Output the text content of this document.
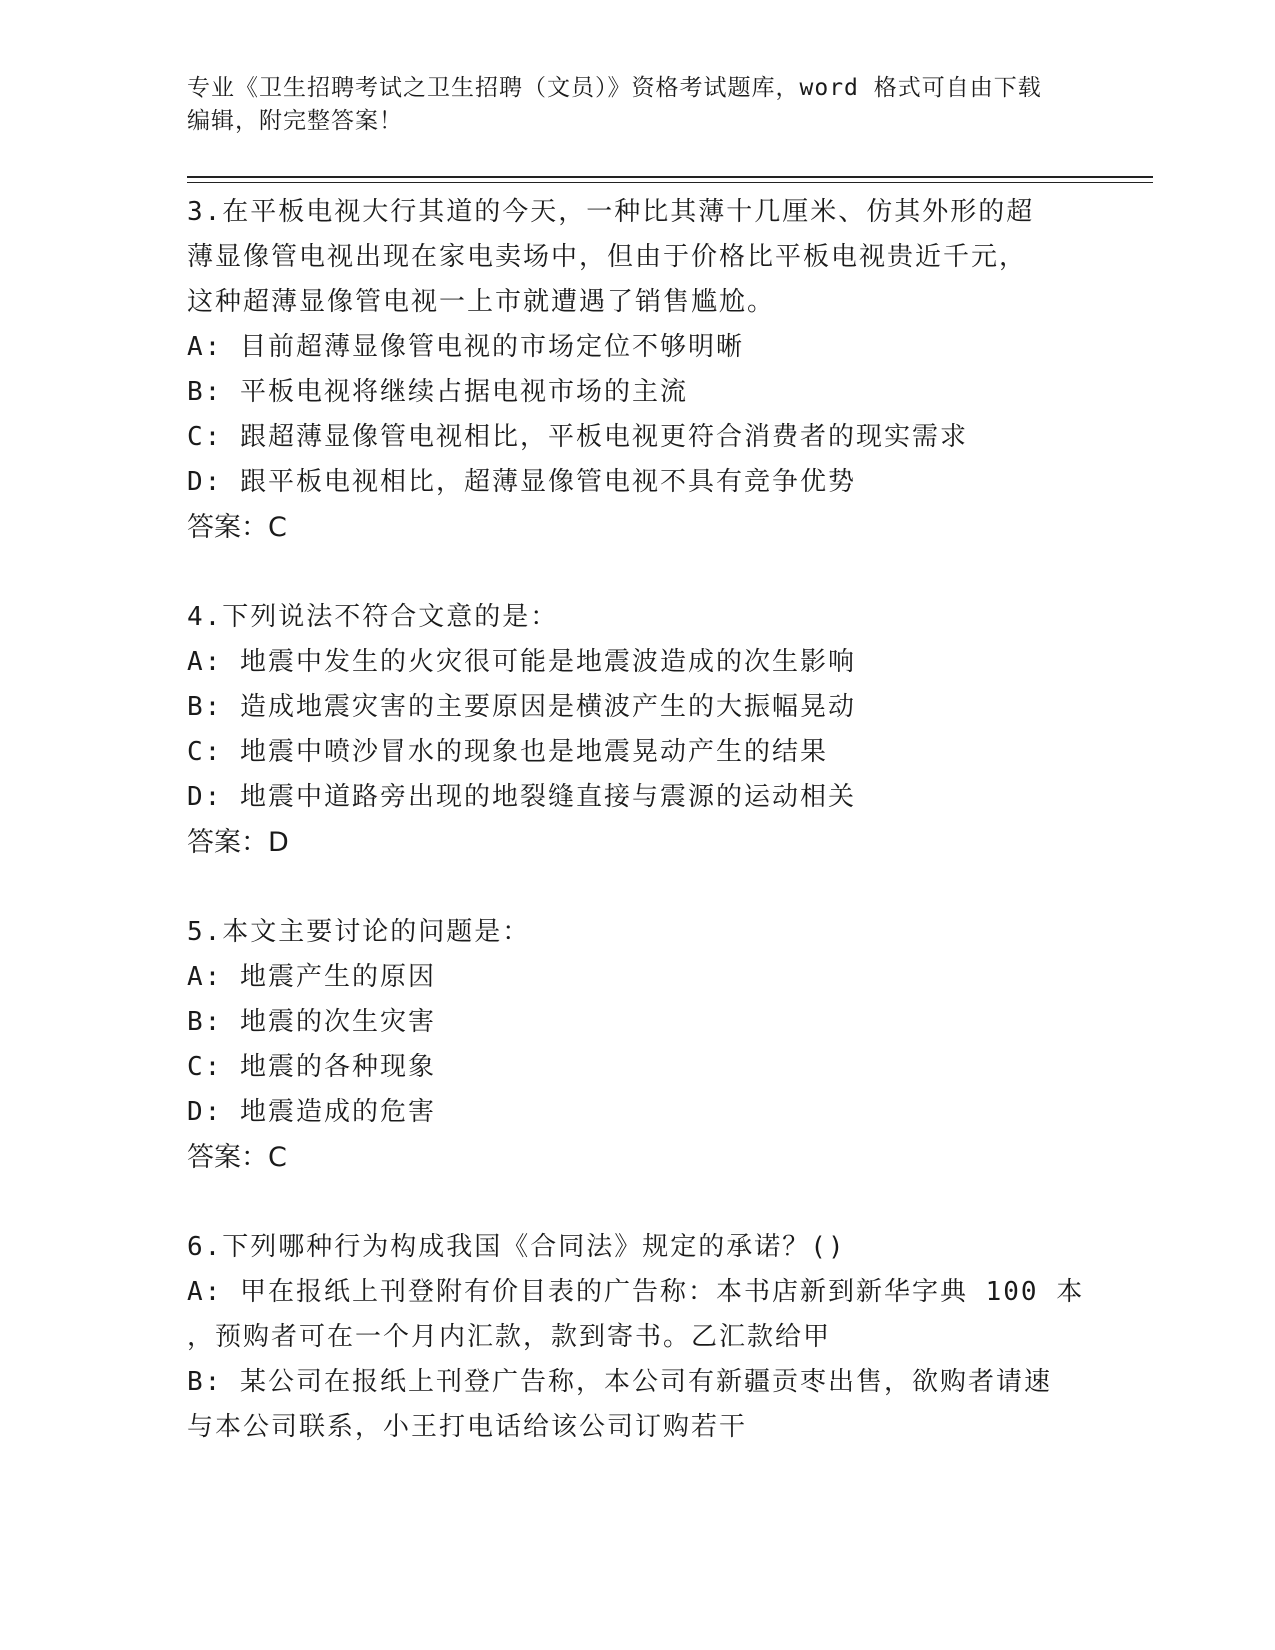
专业《卫生招聘考试之卫生招聘（文员）》资格考试题库，word 格式可自由下载
编辑，附完整答案！

3.在平板电视大行其道的今天，一种比其薄十几厘米、仿其外形的超

薄显像管电视出现在家电卖场中，但由于价格比平板电视贵近千元，

这种超薄显像管电视一上市就遭遇了销售尴尬。

A: 目前超薄显像管电视的市场定位不够明晰

B: 平板电视将继续占据电视市场的主流

C: 跟超薄显像管电视相比，平板电视更符合消费者的现实需求

D: 跟平板电视相比，超薄显像管电视不具有竞争优势

答案：C

4.下列说法不符合文意的是：

A: 地震中发生的火灾很可能是地震波造成的次生影响

B: 造成地震灾害的主要原因是横波产生的大振幅晃动

C: 地震中喷沙冒水的现象也是地震晃动产生的结果

D: 地震中道路旁出现的地裂缝直接与震源的运动相关

答案：D

5.本文主要讨论的问题是：

A: 地震产生的原因

B: 地震的次生灾害

C: 地震的各种现象

D: 地震造成的危害

答案：C

6.下列哪种行为构成我国《合同法》规定的承诺？()

A: 甲在报纸上刊登附有价目表的广告称：本书店新到新华字典 100 本

，预购者可在一个月内汇款，款到寄书。乙汇款给甲

B: 某公司在报纸上刊登广告称，本公司有新疆贡枣出售，欲购者请速

与本公司联系，小王打电话给该公司订购若干
